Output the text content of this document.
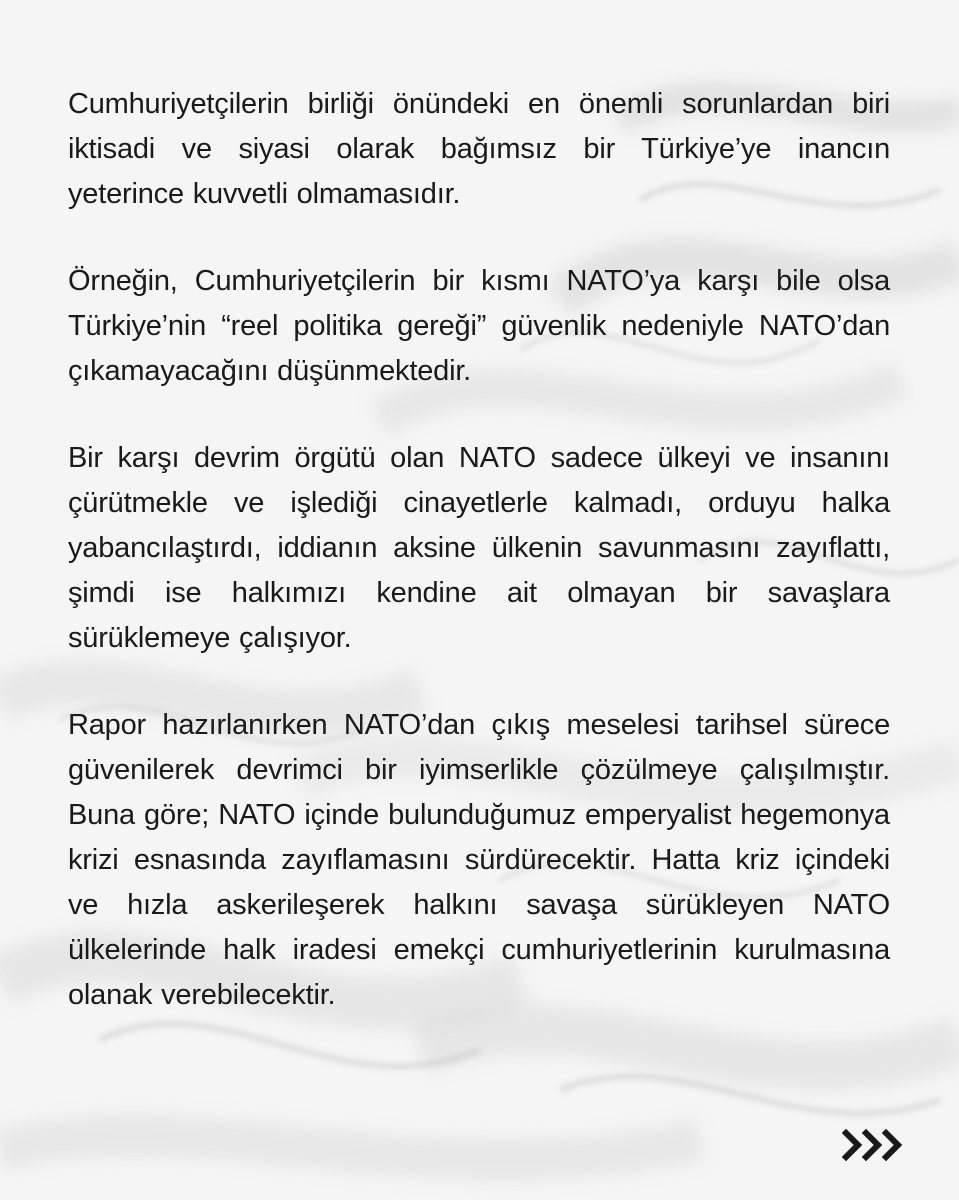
Cumhuriyetçilerin birliği önündeki en önemli sorunlardan biri iktisadi ve siyasi olarak bağımsız bir Türkiye’ye inancın yeterince kuvvetli olmamasıdır.

Örneğin, Cumhuriyetçilerin bir kısmı NATO’ya karşı bile olsa Türkiye’nin “reel politika gereği” güvenlik nedeniyle NATO’dan çıkamayacağını düşünmektedir.

Bir karşı devrim örgütü olan NATO sadece ülkeyi ve insanını çürütmekle ve işlediği cinayetlerle kalmadı, orduyu halka yabancılaştırdı, iddianın aksine ülkenin savunmasını zayıflattı, şimdi ise halkımızı kendine ait olmayan bir savaşlara sürüklemeye çalışıyor.

Rapor hazırlanırken NATO’dan çıkış meselesi tarihsel sürece güvenilerek devrimci bir iyimserlikle çözülmeye çalışılmıştır. Buna göre; NATO içinde bulunduğumuz emperyalist hegemonya krizi esnasında zayıflamasını sürdürecektir. Hatta kriz içindeki ve hızla askerileşerek halkını savaşa sürükleyen NATO ülkelerinde halk iradesi emekçi cumhuriyetlerinin kurulmasına olanak verebilecektir.
